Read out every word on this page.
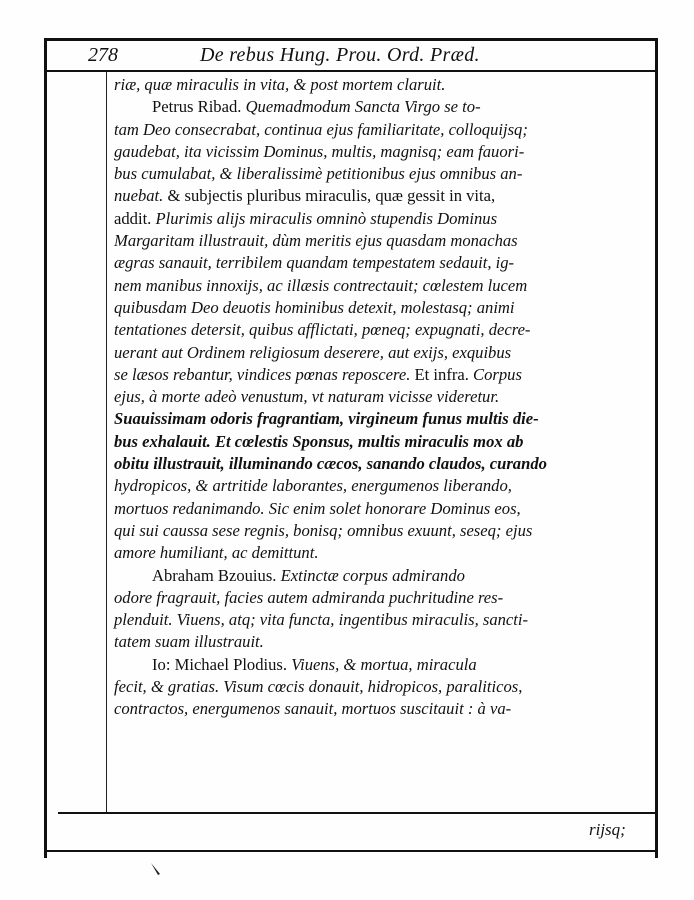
278	De rebus Hung. Prou. Ord. Præd.
riæ, quæ miraculis in vita, & post mortem claruit.
Petrus Ribad. Quemadmodum Sancta Virgo se to-
tam Deo consecrabat, continua ejus familiaritate, colloquijsq;
gaudebat, ita vicissim Dominus, multis, magnisq; eam fauori-
bus cumulabat, & liberalissimè petitionibus ejus omnibus an-
nuebat. & subjectis pluribus miraculis, quæ gessit in vita,
addit. Plurimis alijs miraculis omninò stupendis Dominus
Margaritam illustrauit, dùm meritis ejus quasdam monachas
ægras sanauit, terribilem quandam tempestatem sedauit, ig-
nem manibus innoxijs, ac illæsis contrectauit; cœlestem lucem
quibusdam Deo deuotis hominibus detexit, molestasq; animi
tentationes detersit, quibus afflictati, pœneq; expugnati, decre-
uerant aut Ordinem religiosum deserere, aut exijs, exquibus
se læsos rebantur, vindices pœnas reposcere. Et infra. Corpus
ejus, à morte adeò venustum, vt naturam vicisse videretur.
Suauissimam odoris fragrantiam, virgineum funus multis die-
bus exhalauit. Et cœlestis Sponsus, multis miraculis mox ab
obitu illustrauit, illuminando cæcos, sanando claudos, curando
hydropicos, & artritide laborantes, energumenos liberando,
mortuos redanimando. Sic enim solet honorare Dominus eos,
qui sui caussa sese regnis, bonisq; omnibus exuunt, seseq; ejus
amore humiliant, ac demittunt.
Abraham Bzouius. Extinctæ corpus admirando
odore fragrauit, facies autem admiranda puchritudine res-
plenduit. Viuens, atq; vita functa, ingentibus miraculis, sancti-
tatem suam illustrauit.
Io: Michael Plodius. Viuens, & mortua, miracula
fecit, & gratias. Visum cœcis donauit, hidropicos, paraliticos,
contractos, energumenos sanauit, mortuos suscitauit : à va-
rijsq;
